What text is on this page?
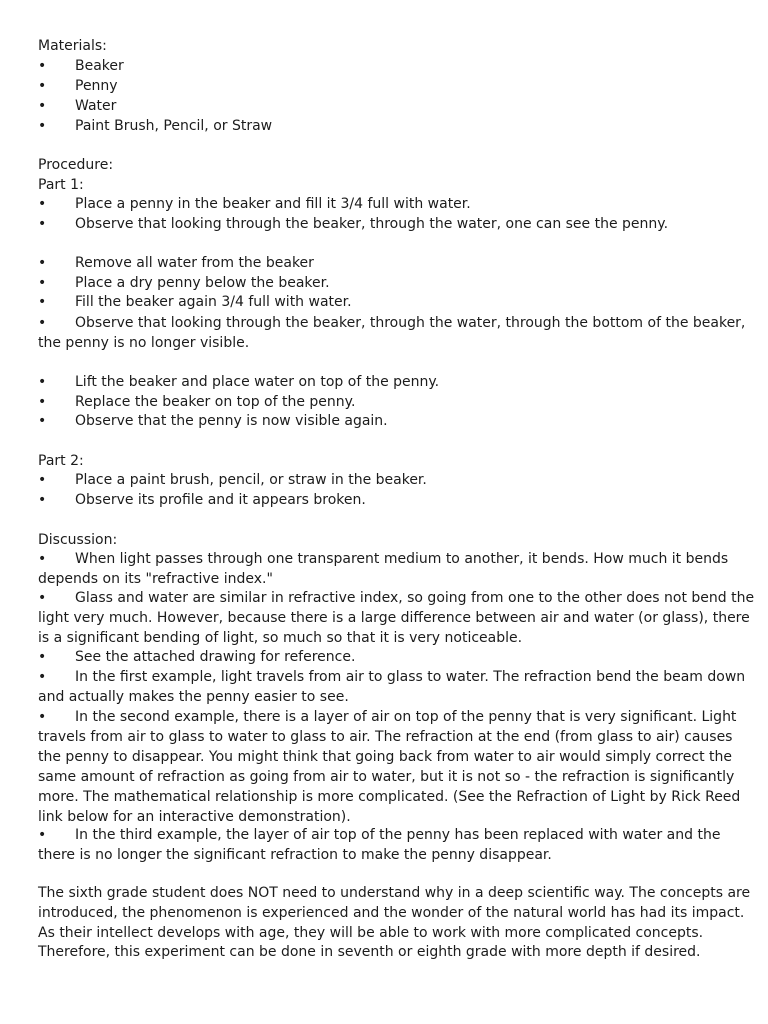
Materials:
• Beaker
• Penny
• Water
• Paint Brush, Pencil, or Straw
Procedure:
Part 1:
• Place a penny in the beaker and fill it 3/4 full with water.
• Observe that looking through the beaker, through the water, one can see the penny.
• Remove all water from the beaker
• Place a dry penny below the beaker.
• Fill the beaker again 3/4 full with water.
•	Observe that looking through the beaker, through the water, through the bottom of the beaker, the penny is no longer visible.
• Lift the beaker and place water on top of the penny.
• Replace the beaker on top of the penny.
• Observe that the penny is now visible again.
Part 2:
• Place a paint brush, pencil, or straw in the beaker.
• Observe its profile and it appears broken.
Discussion:
•	When light passes through one transparent medium to another, it bends. How much it bends depends on its "refractive index."
•	Glass and water are similar in refractive index, so going from one to the other does not bend the light very much. However, because there is a large difference between air and water (or glass), there is a significant bending of light, so much so that it is very noticeable.
• See the attached drawing for reference.
•	In the first example, light travels from air to glass to water. The refraction bend the beam down and actually makes the penny easier to see.
•	In the second example, there is a layer of air on top of the penny that is very significant. Light travels from air to glass to water to glass to air. The refraction at the end (from glass to air) causes the penny to disappear. You might think that going back from water to air would simply correct the same amount of refraction as going from air to water, but it is not so - the refraction is significantly more. The mathematical relationship is more complicated. (See the Refraction of Light by Rick Reed link below for an interactive demonstration).
•	In the third example, the layer of air top of the penny has been replaced with water and the there is no longer the significant refraction to make the penny disappear.
The sixth grade student does NOT need to understand why in a deep scientific way. The concepts are introduced, the phenomenon is experienced and the wonder of the natural world has had its impact. As their intellect develops with age, they will be able to work with more complicated concepts. Therefore, this experiment can be done in seventh or eighth grade with more depth if desired.
